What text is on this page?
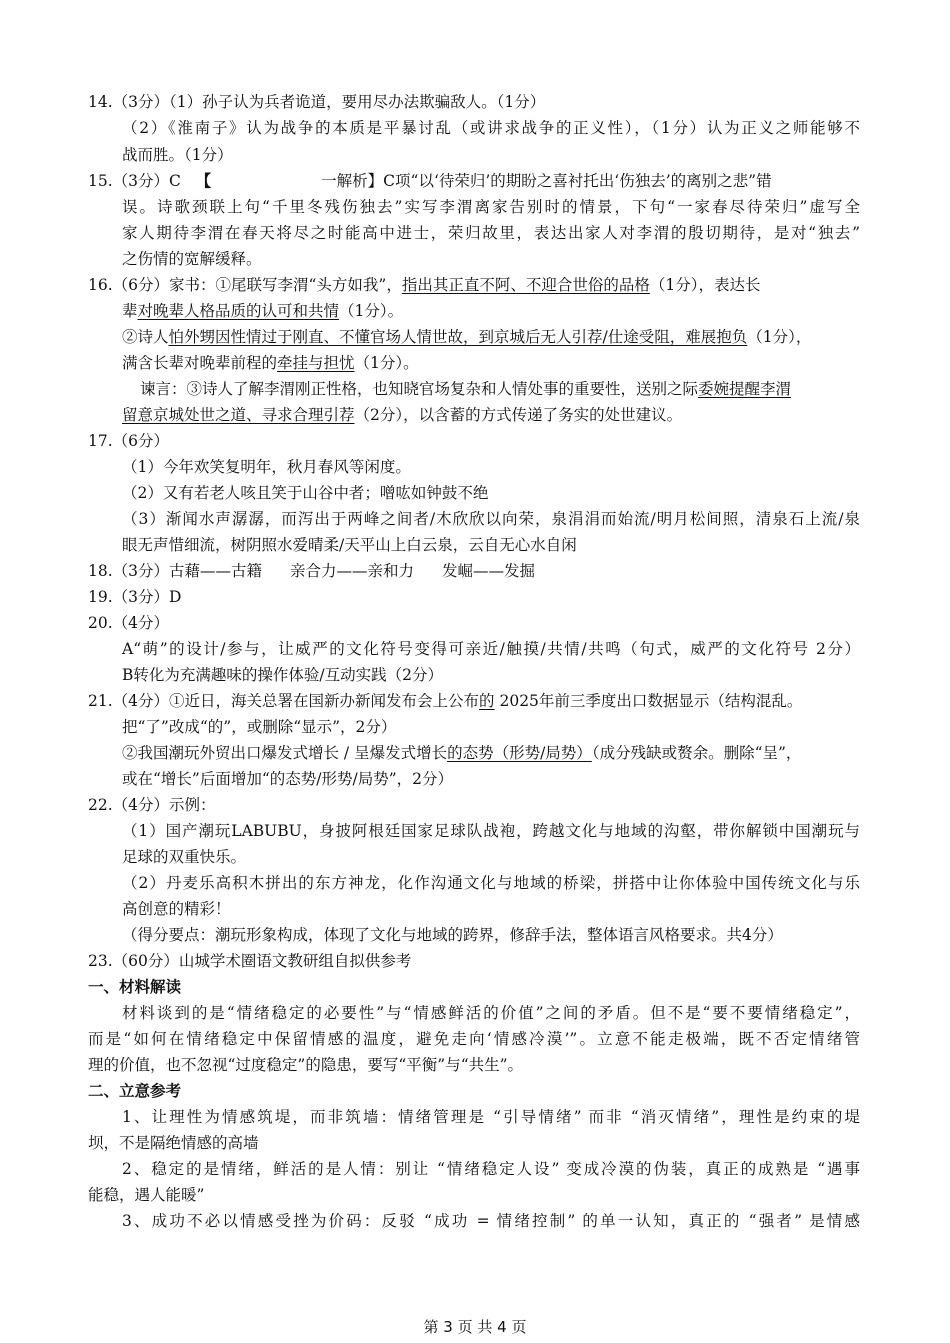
14.（3分）（1）孙子认为兵者诡道，要用尽办法欺骗敌人。（1分）
（2）《淮南子》认为战争的本质是平暴讨乱（或讲求战争的正义性），（1分）认为正义之师能够不
战而胜。（1分）
15.（3分）C 【	一解析】C项“以‘待荣归’的期盼之喜衬托出‘伤独去’的离别之悲”错
误。诗歌颈联上句“千里冬残伤独去”实写李渭离家告别时的情景，下句“一家春尽待荣归”虚写全
家人期待李渭在春天将尽之时能高中进士，荣归故里，表达出家人对李渭的殷切期待，是对“独去”
之伤情的宽解缓释。
16.（6分）家书：①尾联写李渭“头方如我”，指出其正直不阿、不迎合世俗的品格（1分），表达长
辈对晚辈人格品质的认可和共情（1分）。
②诗人怕外甥因性情过于刚直、不懂官场人情世故，到京城后无人引荐/仕途受阻，难展抱负（1分），
满含长辈对晚辈前程的牵挂与担忧（1分）。
谏言：③诗人了解李渭刚正性格，也知晓官场复杂和人情处事的重要性，送别之际委婉提醒李渭
留意京城处世之道、寻求合理引荐（2分），以含蓄的方式传递了务实的处世建议。
17.（6分）
（1）今年欢笑复明年，秋月春风等闲度。
（2）又有若老人咳且笑于山谷中者；噌吰如钟鼓不绝
（3）渐闻水声潺潺，而泻出于两峰之间者/木欣欣以向荣，泉涓涓而始流/明月松间照，清泉石上流/泉
眼无声惜细流，树阴照水爱晴柔/天平山上白云泉，云自无心水自闲
18.（3分）古藉——古籍 亲合力——亲和力 发崛——发掘
19.（3分）D
20.（4分）
A“萌”的设计/参与，让威严的文化符号变得可亲近/触摸/共情/共鸣（句式，威严的文化符号 2分）
B转化为充满趣味的操作体验/互动实践（2分）
21.（4分）①近日，海关总署在国新办新闻发布会上公布的 2025年前三季度出口数据显示（结构混乱。
把“了”改成“的”，或删除“显示”，2分）
②我国潮玩外贸出口爆发式增长 / 呈爆发式增长的态势（形势/局势）（成分残缺或赘余。删除“呈”，
或在“增长”后面增加“的态势/形势/局势”，2分）
22.（4分）示例：
（1）国产潮玩LABUBU，身披阿根廷国家足球队战袍，跨越文化与地域的沟壑，带你解锁中国潮玩与
足球的双重快乐。
（2）丹麦乐高积木拼出的东方神龙，化作沟通文化与地域的桥梁，拼搭中让你体验中国传统文化与乐
高创意的精彩！
（得分要点：潮玩形象构成，体现了文化与地域的跨界，修辞手法，整体语言风格要求。共4分）
23.（60分）山城学术圈语文教研组自拟供参考
一、材料解读
材料谈到的是“情绪稳定的必要性”与“情感鲜活的价值”之间的矛盾。但不是“要不要情绪稳定”，
而是“如何在情绪稳定中保留情感的温度，避免走向‘情感冷漠’”。立意不能走极端，既不否定情绪管
理的价值，也不忽视“过度稳定”的隐患，要写“平衡”与“共生”。
二、立意参考
1、让理性为情感筑堤，而非筑墙：情绪管理是 “引导情绪” 而非 “消灭情绪”，理性是约束的堤
坝，不是隔绝情感的高墙
2、稳定的是情绪，鲜活的是人情：别让 “情绪稳定人设” 变成冷漠的伪装，真正的成熟是 “遇事
能稳，遇人能暖”
3、成功不必以情感受挫为价码：反驳 “成功 = 情绪控制” 的单一认知，真正的 “强者” 是情感
第 3 页 共 4 页
